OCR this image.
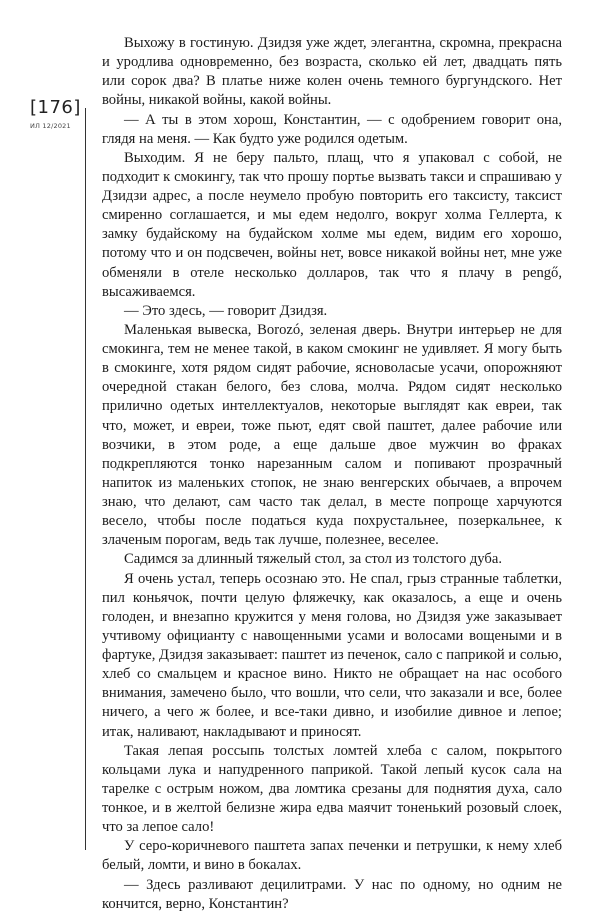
[176]
ИЛ 12/2021

Выхожу в гостиную. Дзидзя уже ждет, элегантна, скромна, прекрасна и уродлива одновременно, без возраста, сколько ей лет, двадцать пять или сорок два? В платье ниже колен очень темного бургундского. Нет войны, никакой войны, какой войны.

— А ты в этом хорош, Константин, — с одобрением говорит она, глядя на меня. — Как будто уже родился одетым.

Выходим. Я не беру пальто, плащ, что я упаковал с собой, не подходит к смокингу, так что прошу портье вызвать такси и спрашиваю у Дзидзи адрес, а после неумело пробую повторить его таксисту, таксист смиренно соглашается, и мы едем недолго, вокруг холма Геллерта, к замку будайскому на будайском холме мы едем, видим его хорошо, потому что и он подсвечен, войны нет, вовсе никакой войны нет, мне уже обменяли в отеле несколько долларов, так что я плачу в pengő, высаживаемся.

— Это здесь, — говорит Дзидзя.

Маленькая вывеска, Borozó, зеленая дверь. Внутри интерьер не для смокинга, тем не менее такой, в каком смокинг не удивляет. Я могу быть в смокинге, хотя рядом сидят рабочие, ясноволасые усачи, опорожняют очередной стакан белого, без слова, молча. Рядом сидят несколько прилично одетых интеллектуалов, некоторые выглядят как евреи, так что, может, и евреи, тоже пьют, едят свой паштет, далее рабочие или возчики, в этом роде, а еще дальше двое мужчин во фраках подкрепляются тонко нарезанным салом и попивают прозрачный напиток из маленьких стопок, не знаю венгерских обычаев, а впрочем знаю, что делают, сам часто так делал, в месте попроще харчуются весело, чтобы после податься куда похрустальнее, позеркальнее, к злаченым порогам, ведь так лучше, полезнее, веселее.

Садимся за длинный тяжелый стол, за стол из толстого дуба.

Я очень устал, теперь осознаю это. Не спал, грыз странные таблетки, пил коньячок, почти целую фляжечку, как оказалось, а еще и очень голоден, и внезапно кружится у меня голова, но Дзидзя уже заказывает учтивому официанту с навощенными усами и волосами вощеными и в фартуке, Дзидзя заказывает: паштет из печенок, сало с паприкой и солью, хлеб со смальцем и красное вино. Никто не обращает на нас особого внимания, замечено было, что вошли, что сели, что заказали и все, более ничего, а чего ж более, и все-таки дивно, и изобилие дивное и лепое; итак, наливают, накладывают и приносят.

Такая лепая россыпь толстых ломтей хлеба с салом, покрытого кольцами лука и напудренного паприкой. Такой лепый кусок сала на тарелке с острым ножом, два ломтика срезаны для поднятия духа, сало тонкое, и в желтой белизне жира едва маячит тоненький розовый слоек, что за лепое сало!

У серо-коричневого паштета запах печенки и петрушки, к нему хлеб белый, ломти, и вино в бокалах.

— Здесь разливают децилитрами. У нас по одному, но одним не кончится, верно, Константин?
